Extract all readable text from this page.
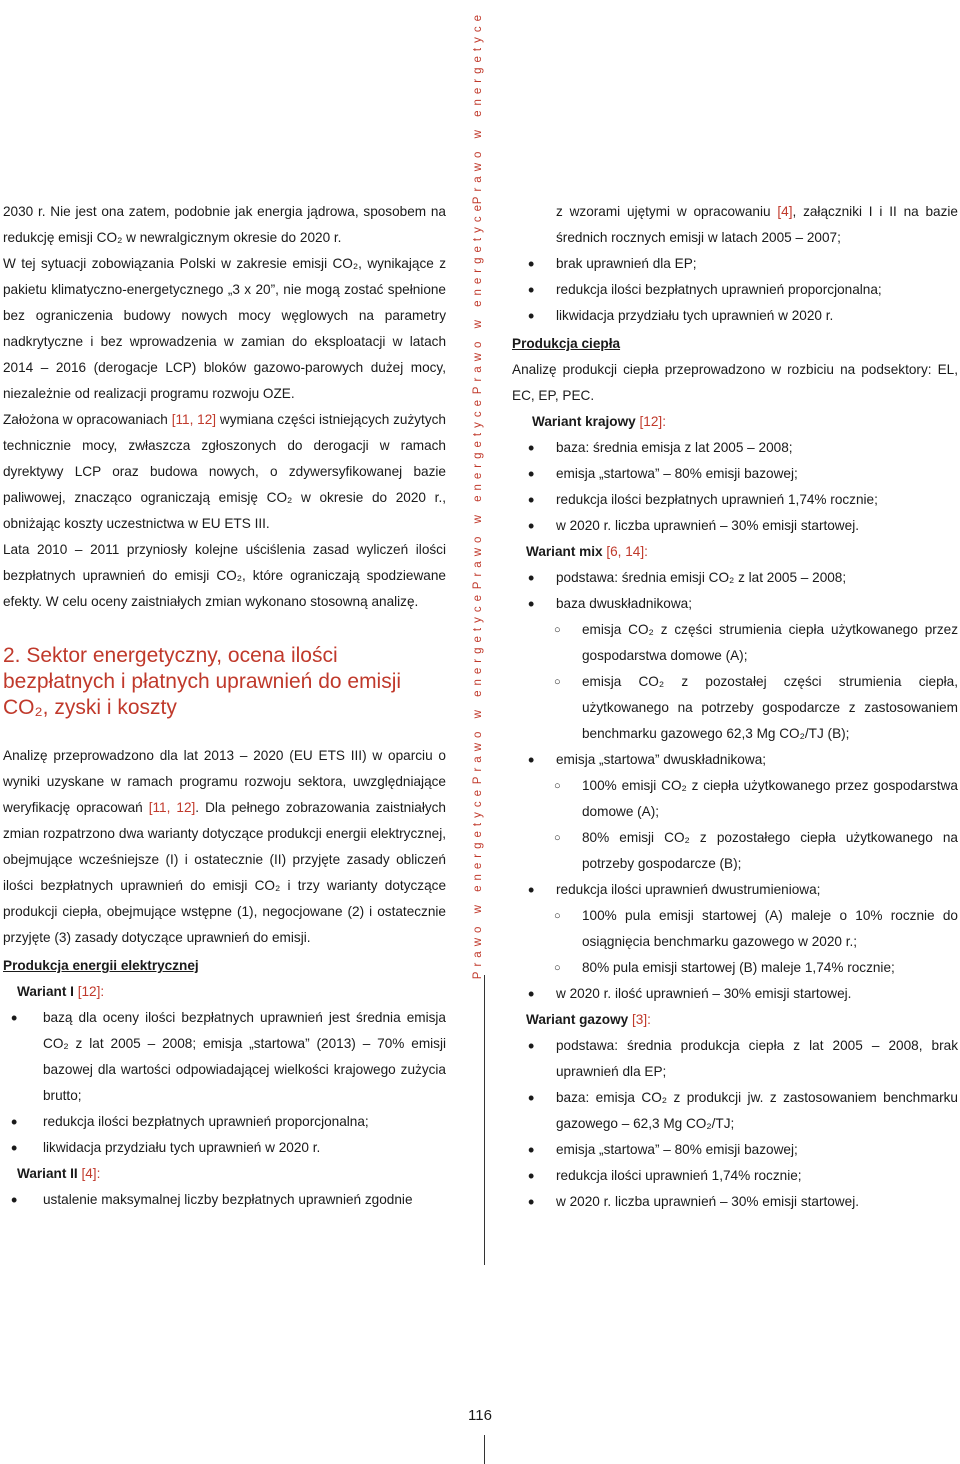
Prawo w energetyce
Prawo w energetyce
Prawo w energetyce
Prawo w energetyce
Prawo w energetyce

2030 r. Nie jest ona zatem, podobnie jak energia jądrowa, sposobem na redukcję emisji CO₂ w newralgicznym okresie do 2020 r.

W tej sytuacji zobowiązania Polski w zakresie emisji CO₂, wynikające z pakietu klimatyczno-energetycznego „3 x 20”, nie mogą zostać spełnione bez ograniczenia budowy nowych mocy węglowych na parametry nadkrytyczne i bez wprowadzenia w zamian do eksploatacji w latach 2014 – 2016 (derogacje LCP) bloków gazowo-parowych dużej mocy, niezależnie od realizacji programu rozwoju OZE.

Założona w opracowaniach [11, 12] wymiana części istniejących zużytych technicznie mocy, zwłaszcza zgłoszonych do derogacji w ramach dyrektywy LCP oraz budowa nowych, o zdywersyfikowanej bazie paliwowej, znacząco ograniczają emisję CO₂ w okresie do 2020 r., obniżając koszty uczestnictwa w EU ETS III.

Lata 2010 – 2011 przyniosły kolejne uściślenia zasad wyliczeń ilości bezpłatnych uprawnień do emisji CO₂, które ograniczają spodziewane efekty. W celu oceny zaistniałych zmian wykonano stosowną analizę.

2. Sektor energetyczny, ocena ilości bezpłatnych i płatnych uprawnień do emisji CO₂, zyski i koszty

Analizę przeprowadzono dla lat 2013 – 2020 (EU ETS III) w oparciu o wyniki uzyskane w ramach programu rozwoju sektora, uwzględniające weryfikację opracowań [11, 12]. Dla pełnego zobrazowania zaistniałych zmian rozpatrzono dwa warianty dotyczące produkcji energii elektrycznej, obejmujące wcześniejsze (I) i ostatecznie (II) przyjęte zasady obliczeń ilości bezpłatnych uprawnień do emisji CO₂ i trzy warianty dotyczące produkcji ciepła, obejmujące wstępne (1), negocjowane (2) i ostatecznie przyjęte (3) zasady dotyczące uprawnień do emisji.

Produkcja energii elektrycznej
Wariant I [12]:
• bazą dla oceny ilości bezpłatnych uprawnień jest średnia emisja CO₂ z lat 2005 – 2008; emisja „startowa” (2013) – 70% emisji bazowej dla wartości odpowiadającej wielkości krajowego zużycia brutto;
• redukcja ilości bezpłatnych uprawnień proporcjonalna;
• likwidacja przydziału tych uprawnień w 2020 r.
Wariant II [4]:
• ustalenie maksymalnej liczby bezpłatnych uprawnień zgodnie

z wzorami ujętymi w opracowaniu [4], załączniki I i II na bazie średnich rocznych emisji w latach 2005 – 2007;

• brak uprawnień dla EP;
• redukcja ilości bezpłatnych uprawnień proporcjonalna;
• likwidacja przydziału tych uprawnień w 2020 r.
Produkcja ciepła

Analizę produkcji ciepła przeprowadzono w rozbiciu na podsektory: EL, EC, EP, PEC.

Wariant krajowy [12]:
• baza: średnia emisja z lat 2005 – 2008;
• emisja „startowa” – 80% emisji bazowej;
• redukcja ilości bezpłatnych uprawnień 1,74% rocznie;
• w 2020 r. liczba uprawnień – 30% emisji startowej.
Wariant mix [6, 14]:
• podstawa: średnia emisji CO₂ z lat 2005 – 2008;
• baza dwuskładnikowa;
○ emisja CO₂ z części strumienia ciepła użytkowanego przez gospodarstwa domowe (A);
○ emisja CO₂ z pozostałej części strumienia ciepła, użytkowanego na potrzeby gospodarcze z zastosowaniem benchmarku gazowego 62,3 Mg CO₂/TJ (B);
• emisja „startowa” dwuskładnikowa;
○ 100% emisji CO₂ z ciepła użytkowanego przez gospodarstwa domowe (A);
○ 80% emisji CO₂ z pozostałego ciepła użytkowanego na potrzeby gospodarcze (B);
• redukcja ilości uprawnień dwustrumieniowa;
○ 100% pula emisji startowej (A) maleje o 10% rocznie do osiągnięcia benchmarku gazowego w 2020 r.;
○ 80% pula emisji startowej (B) maleje 1,74% rocznie;
• w 2020 r. ilość uprawnień – 30% emisji startowej.
Wariant gazowy [3]:
• podstawa: średnia produkcja ciepła z lat 2005 – 2008, brak uprawnień dla EP;
• baza: emisja CO₂ z produkcji jw. z zastosowaniem benchmarku gazowego – 62,3 Mg CO₂/TJ;
• emisja „startowa” – 80% emisji bazowej;
• redukcja ilości uprawnień 1,74% rocznie;
• w 2020 r. liczba uprawnień – 30% emisji startowej.
116
